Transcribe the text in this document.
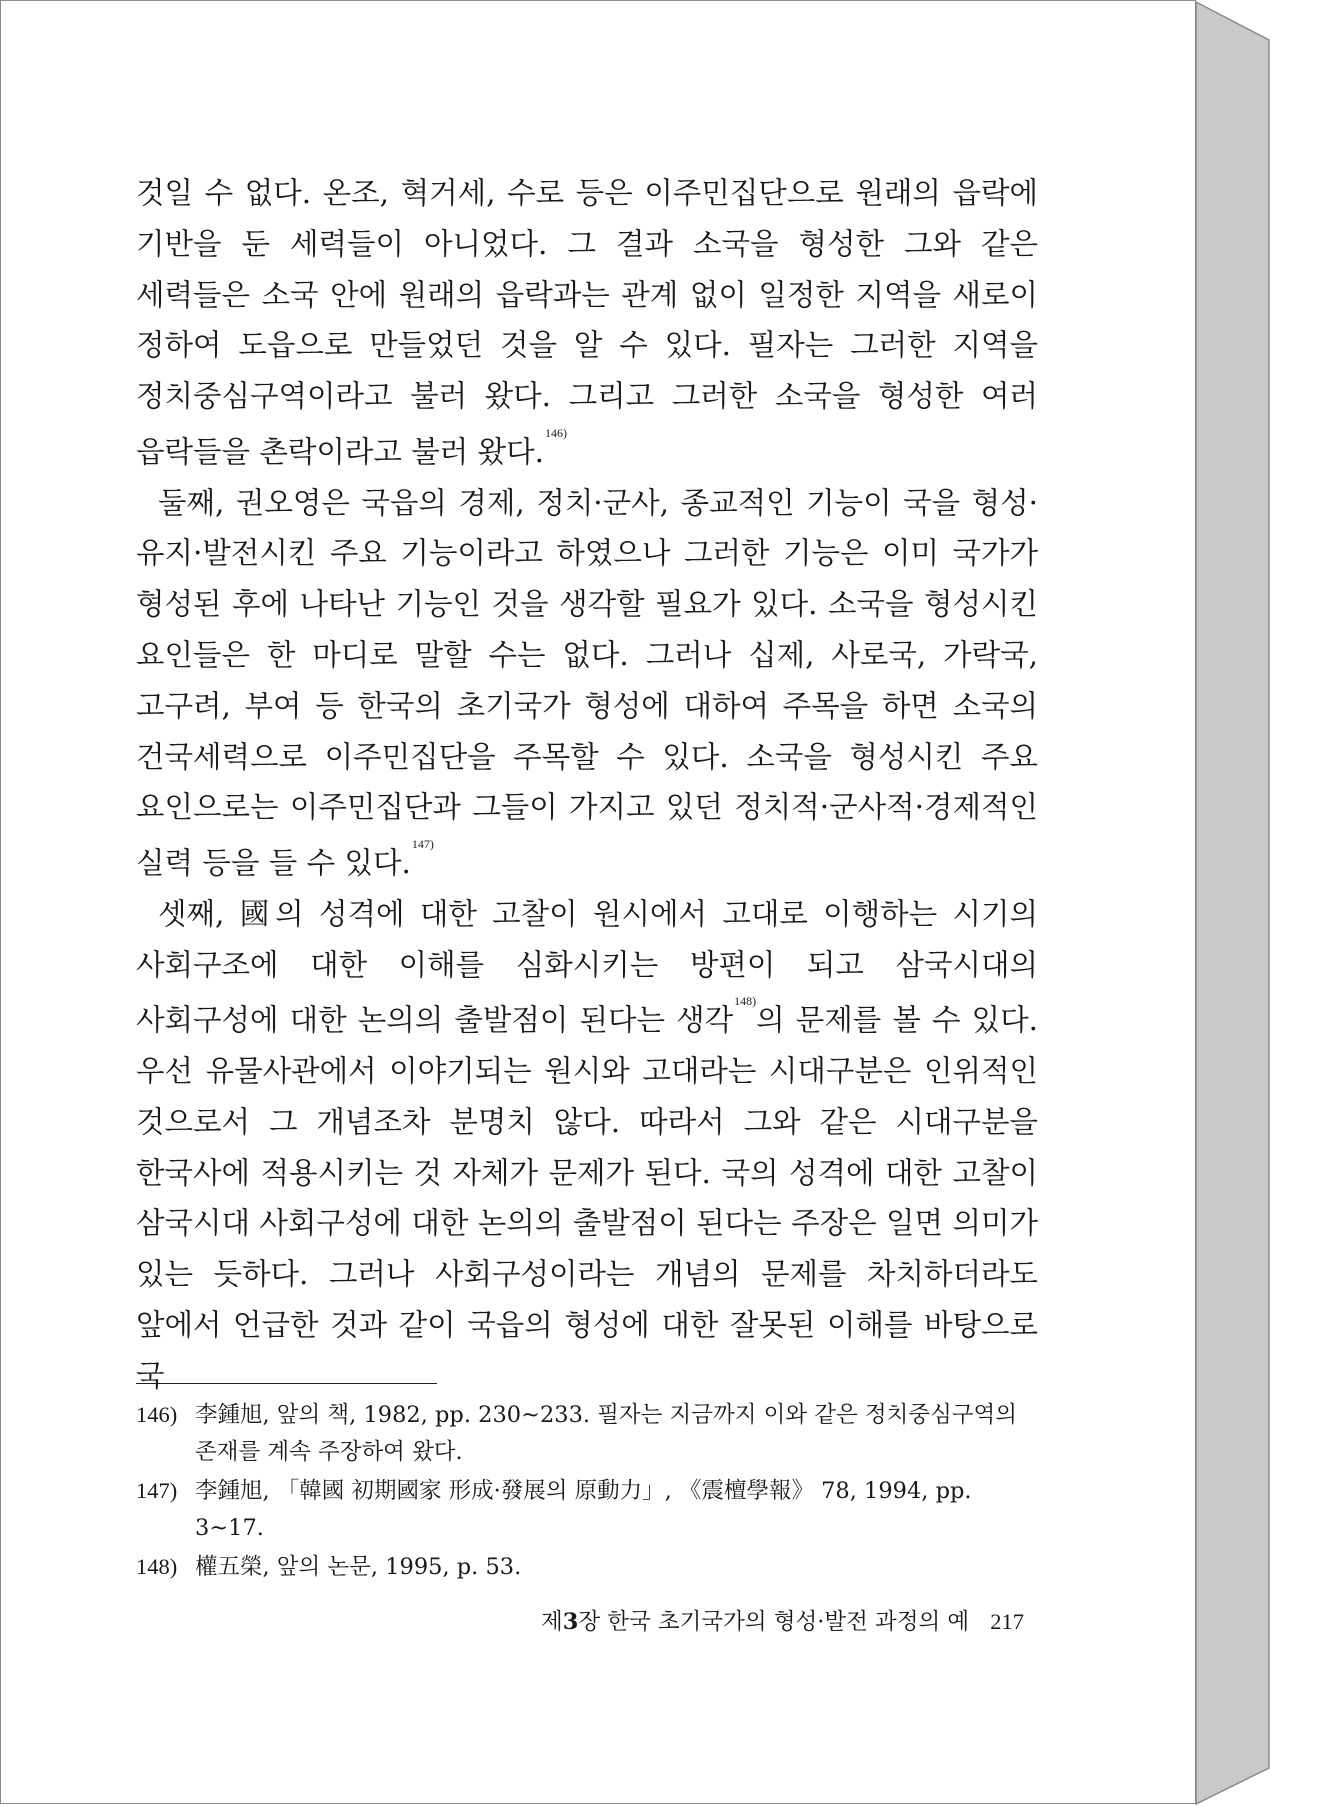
것일 수 없다. 온조, 혁거세, 수로 등은 이주민집단으로 원래의 읍락에 기반을 둔 세력들이 아니었다. 그 결과 소국을 형성한 그와 같은 세력들은 소국 안에 원래의 읍락과는 관계 없이 일정한 지역을 새로이 정하여 도읍으로 만들었던 것을 알 수 있다. 필자는 그러한 지역을 정치중심구역이라고 불러 왔다. 그리고 그러한 소국을 형성한 여러 읍락들을 촌락이라고 불러 왔다.$^{146)}$

둘째, 권오영은 국읍의 경제, 정치·군사, 종교적인 기능이 국을 형성·유지·발전시킨 주요 기능이라고 하였으나 그러한 기능은 이미 국가가 형성된 후에 나타난 기능인 것을 생각할 필요가 있다. 소국을 형성시킨 요인들은 한 마디로 말할 수는 없다. 그러나 십제, 사로국, 가락국, 고구려, 부여 등 한국의 초기국가 형성에 대하여 주목을 하면 소국의 건국세력으로 이주민집단을 주목할 수 있다. 소국을 형성시킨 주요 요인으로는 이주민집단과 그들이 가지고 있던 정치적·군사적·경제적인 실력 등을 들 수 있다.$^{147)}$

셋째, 國의 성격에 대한 고찰이 원시에서 고대로 이행하는 시기의 사회구조에 대한 이해를 심화시키는 방편이 되고 삼국시대의 사회구성에 대한 논의의 출발점이 된다는 생각$^{148)}$의 문제를 볼 수 있다. 우선 유물사관에서 이야기되는 원시와 고대라는 시대구분은 인위적인 것으로서 그 개념조차 분명치 않다. 따라서 그와 같은 시대구분을 한국사에 적용시키는 것 자체가 문제가 된다. 국의 성격에 대한 고찰이 삼국시대 사회구성에 대한 논의의 출발점이 된다는 주장은 일면 의미가 있는 듯하다. 그러나 사회구성이라는 개념의 문제를 차치하더라도 앞에서 언급한 것과 같이 국읍의 형성에 대한 잘못된 이해를 바탕으로 국

146) 李鍾旭, 앞의 책, 1982, pp. 230~233. 필자는 지금까지 이와 같은 정치중심구역의 존재를 계속 주장하여 왔다.
147) 李鍾旭, 「韓國 初期國家 形成·發展의 原動力」, 《震檀學報》 78, 1994, pp. 3~17.
148) 權五榮, 앞의 논문, 1995, p. 53.
제3장 한국 초기국가의 형성·발전 과정의 예 217
